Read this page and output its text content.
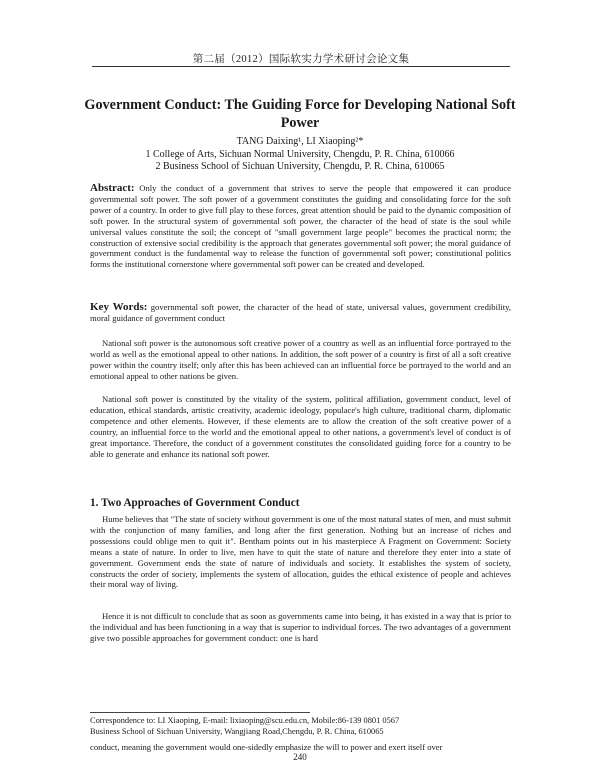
第二届（2012）国际软实力学术研讨会论文集
Government Conduct: The Guiding Force for Developing National Soft Power
TANG Daixing¹, LI Xiaoping²*
1 College of Arts, Sichuan Normal University, Chengdu, P. R. China, 610066
2 Business School of Sichuan University, Chengdu, P. R. China, 610065

Abstract: Only the conduct of a government that strives to serve the people that empowered it can produce governmental soft power. The soft power of a government constitutes the guiding and consolidating force for the soft power of a country. In order to give full play to these forces, great attention should be paid to the dynamic composition of soft power. In the structural system of governmental soft power, the character of the head of state is the soul while universal values constitute the soil; the concept of "small government large people" becomes the practical norm; the construction of extensive social credibility is the approach that generates governmental soft power; the moral guidance of government conduct is the fundamental way to release the function of governmental soft power; constitutional politics forms the institutional cornerstone where governmental soft power can be created and developed.

Key Words: governmental soft power, the character of the head of state, universal values, government credibility, moral guidance of government conduct

National soft power is the autonomous soft creative power of a country as well as an influential force portrayed to the world as well as the emotional appeal to other nations. In addition, the soft power of a country is first of all a soft creative power within the country itself; only after this has been achieved can an influential force be portrayed to the world and an emotional appeal to other nations be given.

National soft power is constituted by the vitality of the system, political affiliation, government conduct, level of education, ethical standards, artistic creativity, academic ideology, populace's high culture, traditional charm, diplomatic competence and other elements. However, if these elements are to allow the creation of the soft creative power of a country, an influential force to the world and the emotional appeal to other nations, a government's level of conduct is of great importance. Therefore, the conduct of a government constitutes the consolidated guiding force for a country to be able to generate and enhance its national soft power.

1. Two Approaches of Government Conduct

Hume believes that "The state of society without government is one of the most natural states of men, and must submit with the conjunction of many families, and long after the first generation. Nothing but an increase of riches and possessions could oblige men to quit it". Bentham points out in his masterpiece A Fragment on Government: Society means a state of nature. In order to live, men have to quit the state of nature and therefore they enter into a state of government. Government ends the state of nature of individuals and society. It establishes the system of society, constructs the order of society, implements the system of allocation, guides the ethical existence of people and achieves their moral way of living.

Hence it is not difficult to conclude that as soon as governments came into being, it has existed in a way that is prior to the individual and has been functioning in a way that is superior to individual forces. The two advantages of a government give two possible approaches for government conduct: one is hard

Correspondence to: LI Xiaoping, E-mail: lixiaoping@scu.edu.cn, Mobile:86-139 0801 0567
Business School of Sichuan University, Wangjiang Road,Chengdu, P. R. China, 610065

conduct, meaning the government would one-sidedly emphasize the will to power and exert itself over

240
